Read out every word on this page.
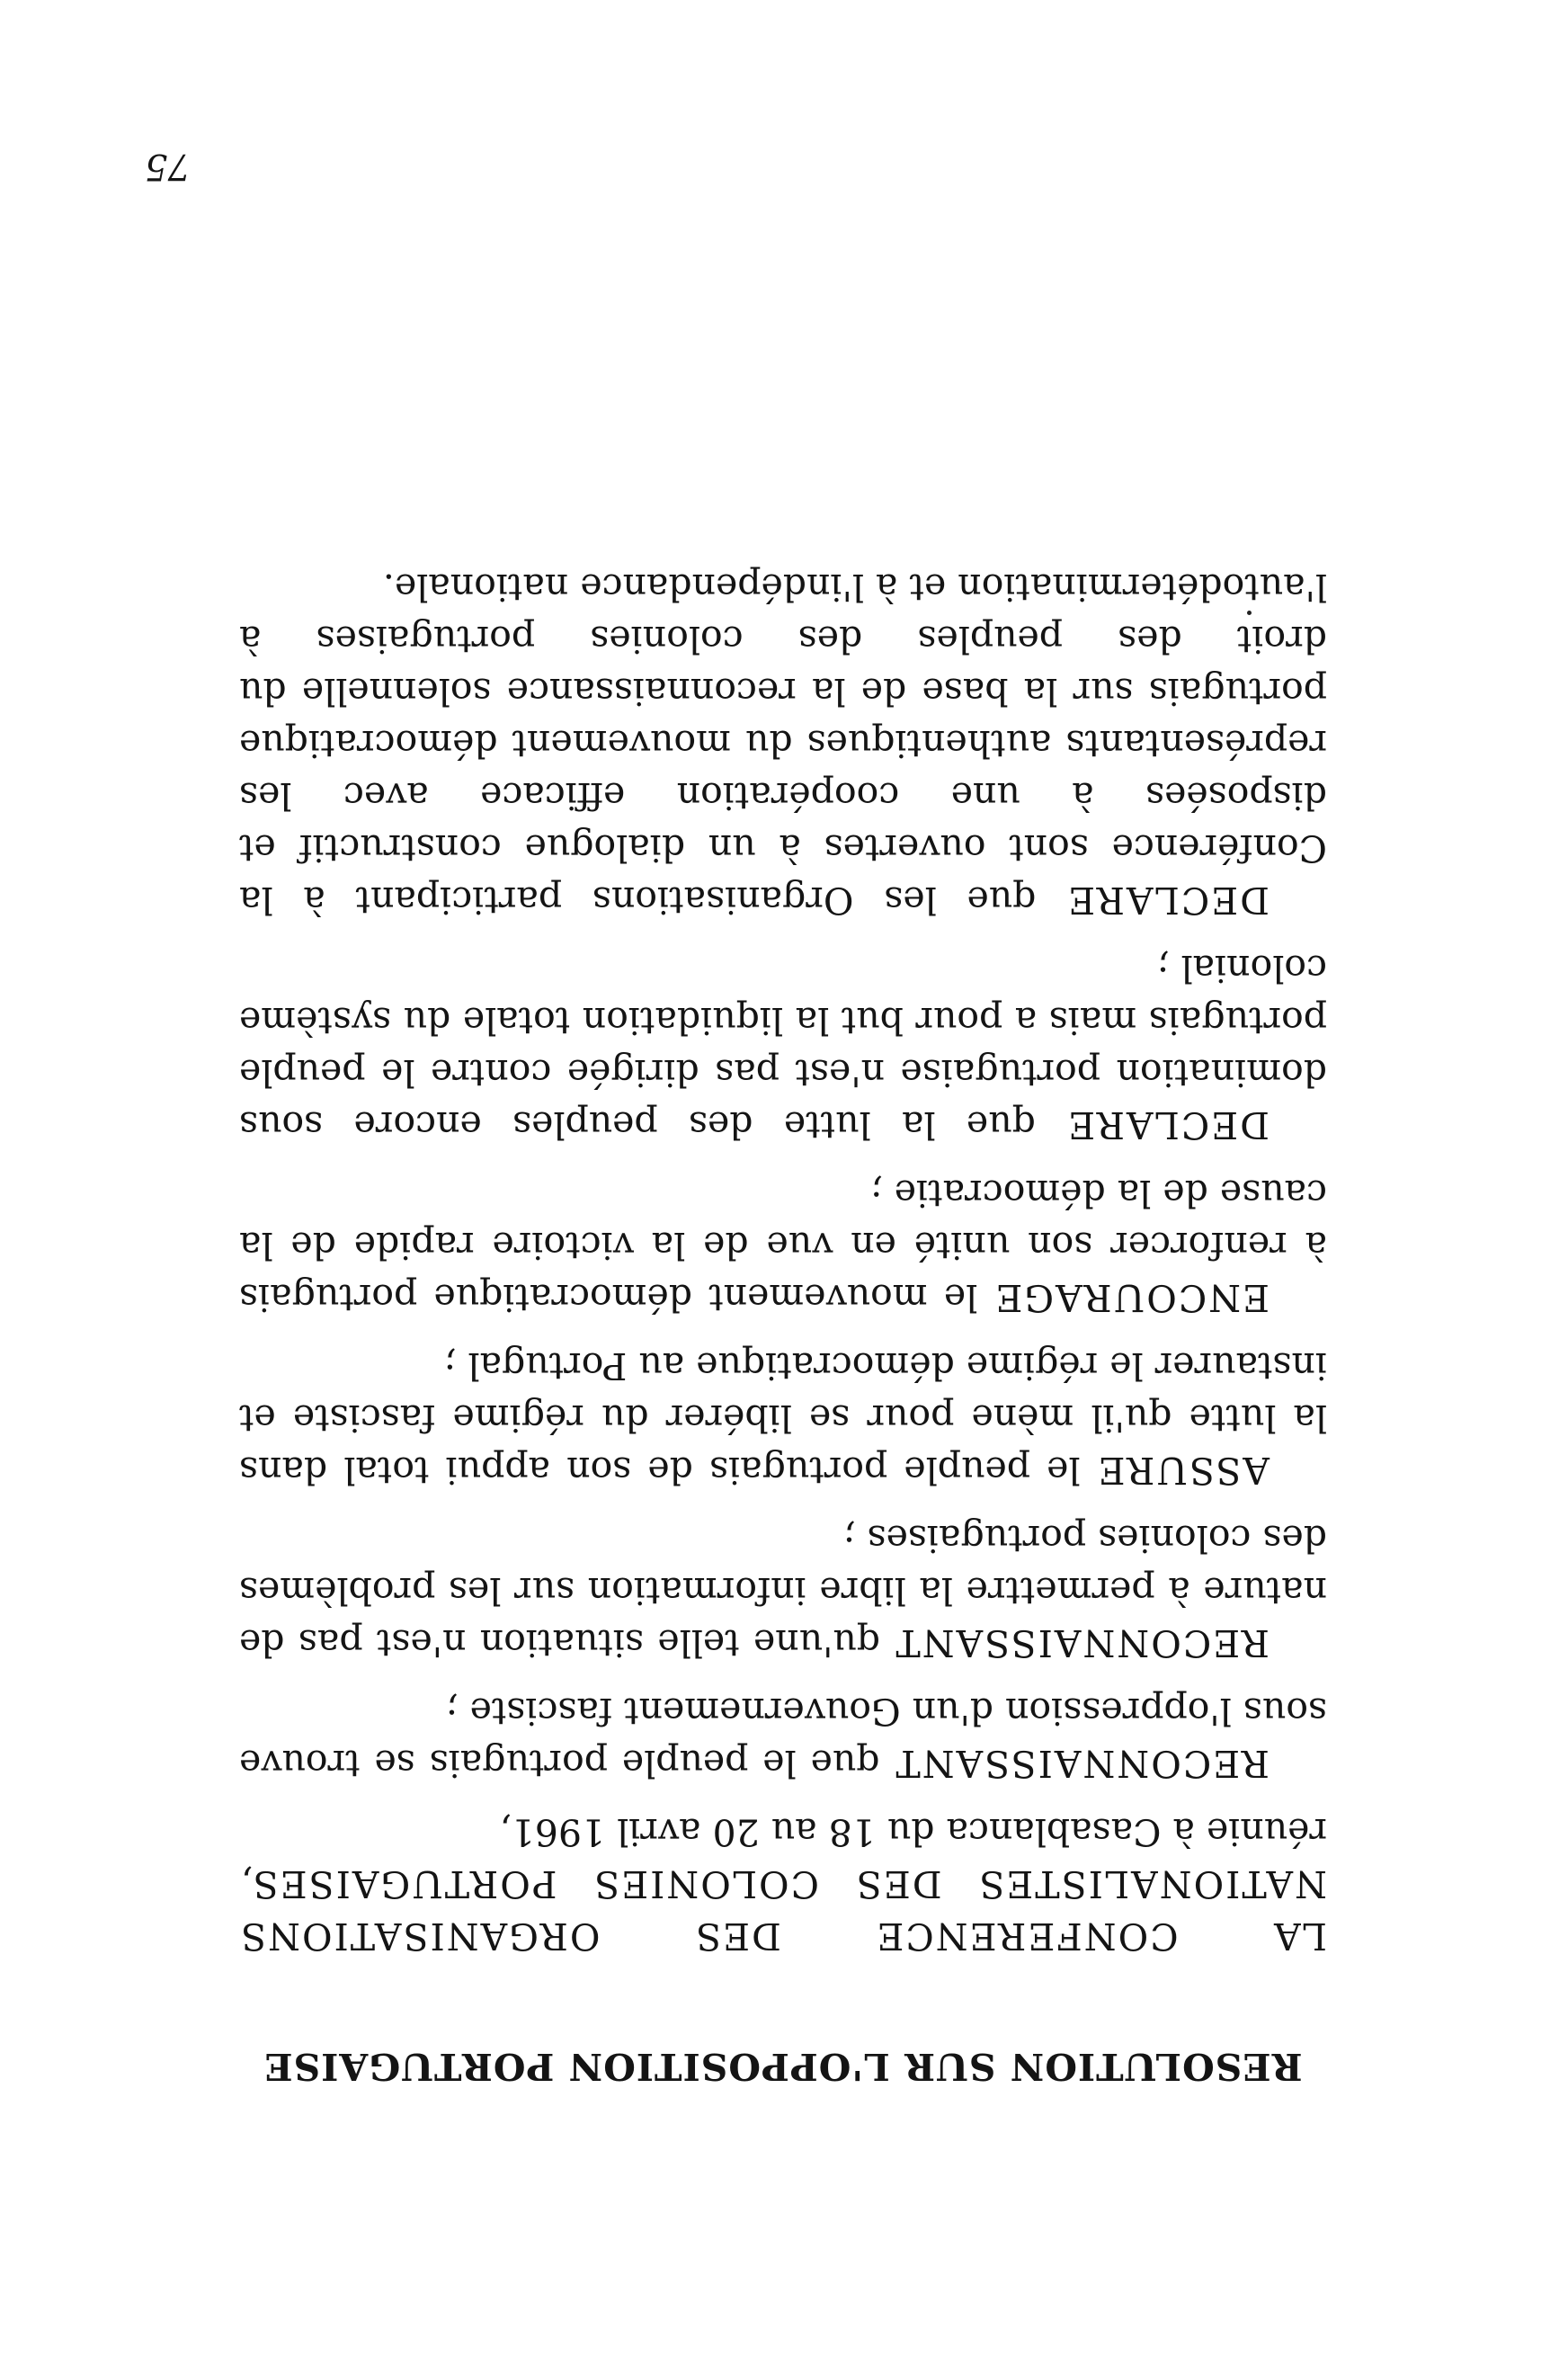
RESOLUTION SUR L'OPPOSITION PORTUGAISE

LA CONFERENCE DES ORGANISATIONS NATIONALISTES DES COLONIES PORTUGAISES, réunie à Casablanca du 18 au 20 avril 1961,

RECONNAISSANT que le peuple portugais se trouve sous l'oppression d'un Gouvernement fasciste ;

RECONNAISSANT qu'une telle situation n'est pas de nature à permettre la libre information sur les problèmes des colonies portugaises ;

ASSURE le peuple portugais de son appui total dans la lutte qu'il mène pour se libérer du régime fasciste et instaurer le régime démocratique au Portugal ;

ENCOURAGE le mouvement démocratique portugais à renforcer son unité en vue de la victoire rapide de la cause de la démocratie ;

DECLARE que la lutte des peuples encore sous domination portugaise n'est pas dirigée contre le peuple portugais mais a pour but la liquidation totale du système colonial ;

DECLARE que les Organisations participant à la Conférence sont ouvertes à un dialogue constructif et disposées à une coopération efficace avec les représentants authentiques du mouvement démocratique portugais sur la base de la reconnaissance solennelle du droit des peuples des colonies portugaises à l'autodétermination et à l'indépendance nationale.

75
